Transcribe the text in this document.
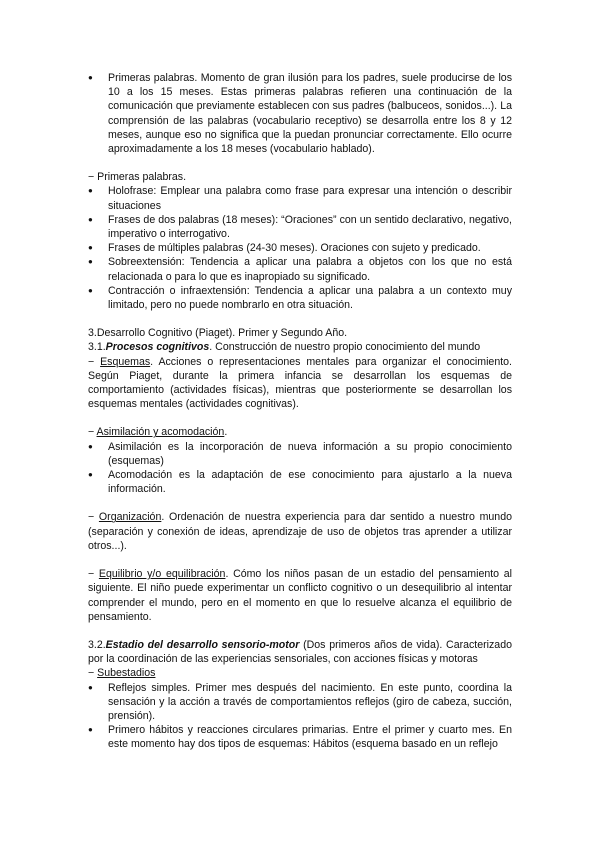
● Primeras palabras. Momento de gran ilusión para los padres, suele producirse de los 10 a los 15 meses. Estas primeras palabras refieren una continuación de la comunicación que previamente establecen con sus padres (balbuceos, sonidos...). La comprensión de las palabras (vocabulario receptivo) se desarrolla entre los 8 y 12 meses, aunque eso no significa que la puedan pronunciar correctamente. Ello ocurre aproximadamente a los 18 meses (vocabulario hablado).

− Primeras palabras.

● Holofrase: Emplear una palabra como frase para expresar una intención o describir situaciones
● Frases de dos palabras (18 meses): “Oraciones” con un sentido declarativo, negativo, imperativo o interrogativo.
● Frases de múltiples palabras (24-30 meses). Oraciones con sujeto y predicado.
● Sobreextensión: Tendencia a aplicar una palabra a objetos con los que no está relacionada o para lo que es inapropiado su significado.
● Contracción o infraextensión: Tendencia a aplicar una palabra a un contexto muy limitado, pero no puede nombrarlo en otra situación.

3.Desarrollo Cognitivo (Piaget). Primer y Segundo Año.

3.1.Procesos cognitivos. Construcción de nuestro propio conocimiento del mundo

− Esquemas. Acciones o representaciones mentales para organizar el conocimiento. Según Piaget, durante la primera infancia se desarrollan los esquemas de comportamiento (actividades físicas), mientras que posteriormente se desarrollan los esquemas mentales (actividades cognitivas).

− Asimilación y acomodación.

● Asimilación es la incorporación de nueva información a su propio conocimiento (esquemas)
● Acomodación es la adaptación de ese conocimiento para ajustarlo a la nueva información.

− Organización. Ordenación de nuestra experiencia para dar sentido a nuestro mundo (separación y conexión de ideas, aprendizaje de uso de objetos tras aprender a utilizar otros...).

− Equilibrio y/o equilibración. Cómo los niños pasan de un estadio del pensamiento al siguiente. El niño puede experimentar un conflicto cognitivo o un desequilibrio al intentar comprender el mundo, pero en el momento en que lo resuelve alcanza el equilibrio de pensamiento.

3.2.Estadio del desarrollo sensorio-motor (Dos primeros años de vida). Caracterizado por la coordinación de las experiencias sensoriales, con acciones físicas y motoras

− Subestadios

● Reflejos simples. Primer mes después del nacimiento. En este punto, coordina la sensación y la acción a través de comportamientos reflejos (giro de cabeza, succión, prensión).
● Primero hábitos y reacciones circulares primarias. Entre el primer y cuarto mes. En este momento hay dos tipos de esquemas: Hábitos (esquema basado en un reflejo
